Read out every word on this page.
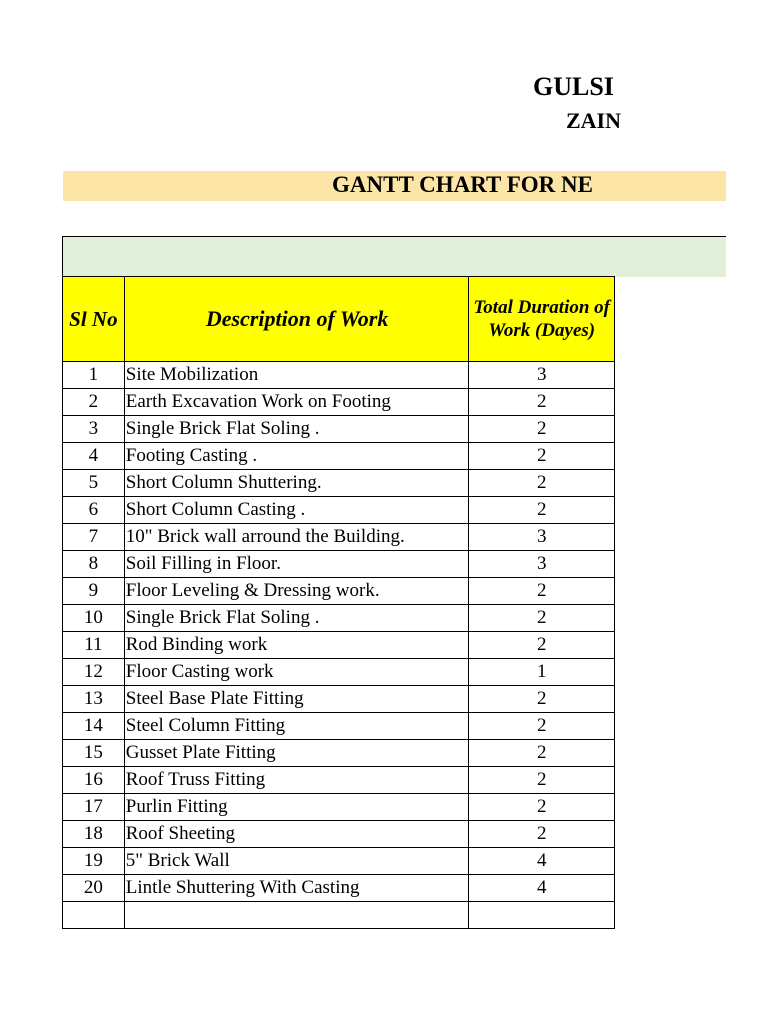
GULSI
ZAIN
GANTT CHART FOR NE

Sl No	Description of Work	Total Duration of Work (Dayes)
1	Site Mobilization	3
2	Earth Excavation Work on Footing	2
3	Single Brick Flat Soling .	2
4	Footing Casting .	2
5	Short Column Shuttering.	2
6	Short Column Casting .	2
7	10" Brick wall arround the Building.	3
8	Soil Filling in Floor.	3
9	Floor Leveling & Dressing work.	2
10	Single Brick Flat Soling .	2
11	Rod Binding work	2
12	Floor Casting work	1
13	Steel Base Plate Fitting	2
14	Steel Column Fitting	2
15	Gusset Plate Fitting	2
16	Roof Truss Fitting	2
17	Purlin Fitting	2
18	Roof Sheeting	2
19	5" Brick Wall	4
20	Lintle Shuttering With Casting	4
